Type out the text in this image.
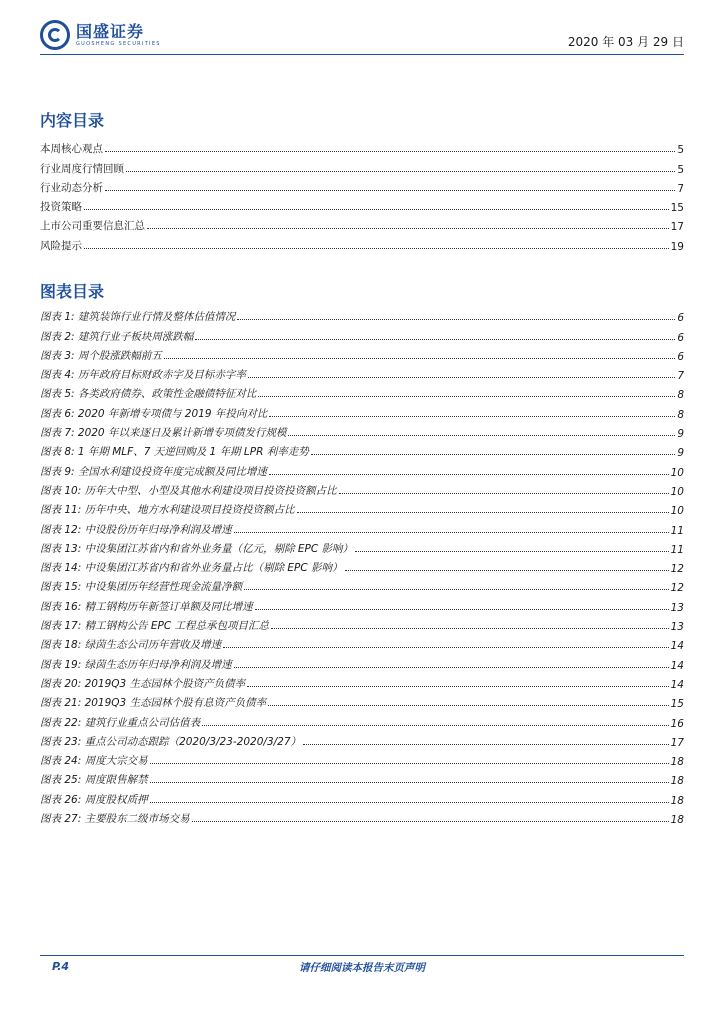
国盛证券
GUOSHENG SECURITIES	2020 年 03 月 29 日
内容目录
本周核心观点	5
行业周度行情回顾	5
行业动态分析	7
投资策略	15
上市公司重要信息汇总	17
风险提示	19
图表目录
图表 1: 建筑装饰行业行情及整体估值情况	6
图表 2: 建筑行业子板块周涨跌幅	6
图表 3: 周个股涨跌幅前五	6
图表 4: 历年政府目标财政赤字及目标赤字率	7
图表 5: 各类政府债券、政策性金融债特征对比	8
图表 6: 2020 年新增专项债与 2019 年投向对比	8
图表 7: 2020 年以来逐日及累计新增专项债发行规模	9
图表 8: 1 年期 MLF、7 天逆回购及 1 年期 LPR 利率走势	9
图表 9: 全国水利建设投资年度完成额及同比增速	10
图表 10: 历年大中型、小型及其他水利建设项目投资投资额占比	10
图表 11: 历年中央、地方水利建设项目投资投资额占比	10
图表 12: 中设股份历年归母净利润及增速	11
图表 13: 中设集团江苏省内和省外业务量（亿元，剔除 EPC 影响）	11
图表 14: 中设集团江苏省内和省外业务量占比（剔除 EPC 影响）	12
图表 15: 中设集团历年经营性现金流量净额	12
图表 16: 精工钢构历年新签订单额及同比增速	13
图表 17: 精工钢构公告 EPC 工程总承包项目汇总	13
图表 18: 绿茵生态公司历年营收及增速	14
图表 19: 绿茵生态历年归母净利润及增速	14
图表 20: 2019Q3 生态园林个股资产负债率	14
图表 21: 2019Q3 生态园林个股有息资产负债率	15
图表 22: 建筑行业重点公司估值表	16
图表 23: 重点公司动态跟踪（2020/3/23-2020/3/27）	17
图表 24: 周度大宗交易	18
图表 25: 周度限售解禁	18
图表 26: 周度股权质押	18
图表 27: 主要股东二级市场交易	18
P.4	请仔细阅读本报告末页声明
